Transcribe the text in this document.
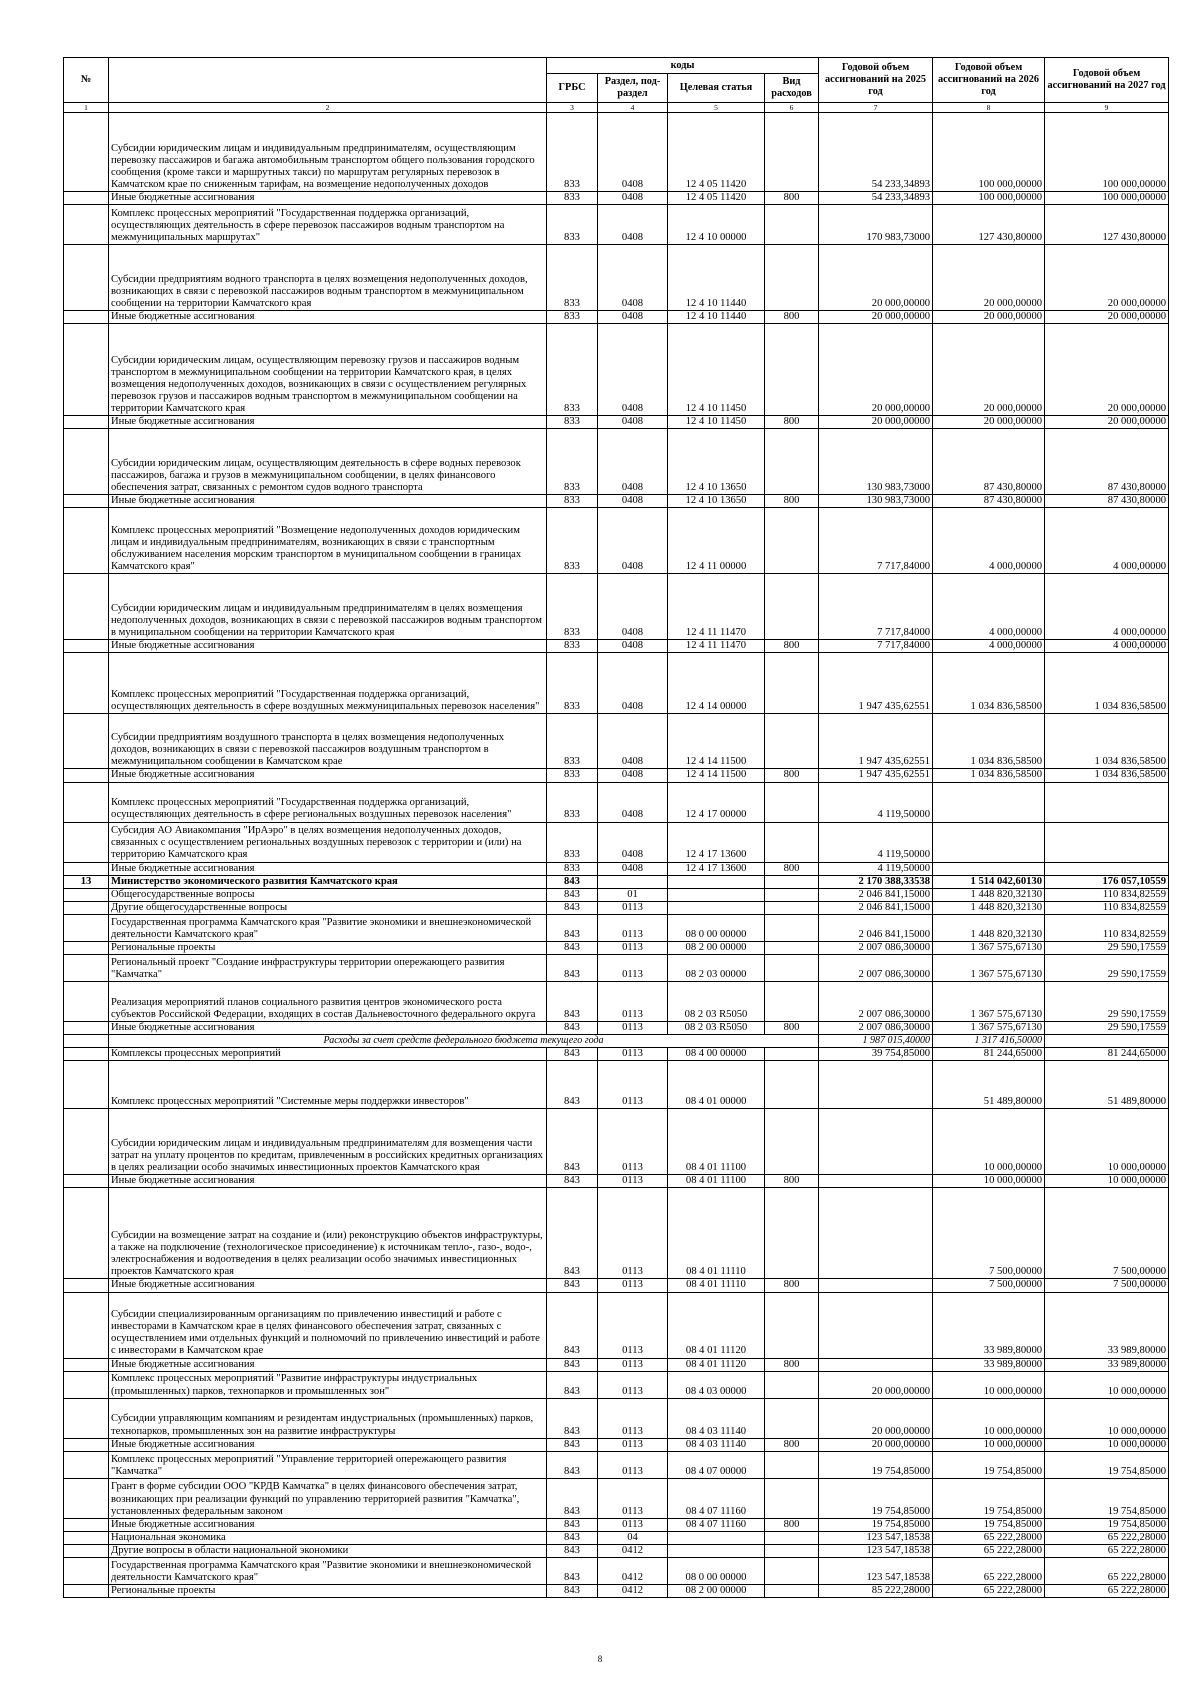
№		коды				Годовой объем ассигнований на 2025 год	Годовой объем ассигнований на 2026 год	Годовой объем ассигнований на 2027 год
		ГРБС	Раздел, под-раздел	Целевая статья	Вид расходов			
1	2	3	4	5	6	7	8	9
	Субсидии юридическим лицам и индивидуальным предпринимателям, осуществляющим перевозку пассажиров и багажа автомобильным транспортом общего пользования городского сообщения (кроме такси и маршрутных такси) по маршрутам регулярных перевозок в Камчатском крае по сниженным тарифам, на возмещение недополученных доходов	833	0408	12 4 05 11420		54 233,34893	100 000,00000	100 000,00000
	Иные бюджетные ассигнования	833	0408	12 4 05 11420	800	54 233,34893	100 000,00000	100 000,00000
	Комплекс процессных мероприятий "Государственная поддержка организаций, осуществляющих деятельность в сфере перевозок пассажиров водным транспортом на межмуниципальных маршрутах"	833	0408	12 4 10 00000		170 983,73000	127 430,80000	127 430,80000
	Субсидии предприятиям водного транспорта в целях возмещения недополученных доходов, возникающих в связи с перевозкой пассажиров водным транспортом в межмуниципальном сообщении на территории Камчатского края	833	0408	12 4 10 11440		20 000,00000	20 000,00000	20 000,00000
	Иные бюджетные ассигнования	833	0408	12 4 10 11440	800	20 000,00000	20 000,00000	20 000,00000
	Субсидии юридическим лицам, осуществляющим перевозку грузов и пассажиров водным транспортом в межмуниципальном сообщении на территории Камчатского края, в целях возмещения недополученных доходов, возникающих в связи с осуществлением регулярных перевозок грузов и пассажиров водным транспортом в межмуниципальном сообщении на территории Камчатского края	833	0408	12 4 10 11450		20 000,00000	20 000,00000	20 000,00000
	Иные бюджетные ассигнования	833	0408	12 4 10 11450	800	20 000,00000	20 000,00000	20 000,00000
	Субсидии юридическим лицам, осуществляющим деятельность в сфере водных перевозок пассажиров, багажа и грузов в межмуниципальном сообщении, в целях финансового обеспечения затрат, связанных с ремонтом судов водного транспорта	833	0408	12 4 10 13650		130 983,73000	87 430,80000	87 430,80000
	Иные бюджетные ассигнования	833	0408	12 4 10 13650	800	130 983,73000	87 430,80000	87 430,80000
	Комплекс процессных мероприятий "Возмещение недополученных доходов юридическим лицам и индивидуальным предпринимателям, возникающих в связи с транспортным обслуживанием населения морским транспортом в муниципальном сообщении в границах Камчатского края"	833	0408	12 4 11 00000		7 717,84000	4 000,00000	4 000,00000
	Субсидии юридическим лицам и индивидуальным предпринимателям в целях возмещения недополученных доходов, возникающих в связи с перевозкой пассажиров водным транспортом в муниципальном сообщении на территории Камчатского края	833	0408	12 4 11 11470		7 717,84000	4 000,00000	4 000,00000
	Иные бюджетные ассигнования	833	0408	12 4 11 11470	800	7 717,84000	4 000,00000	4 000,00000
	Комплекс процессных мероприятий "Государственная поддержка организаций, осуществляющих деятельность в сфере воздушных межмуниципальных перевозок населения"	833	0408	12 4 14 00000		1 947 435,62551	1 034 836,58500	1 034 836,58500
	Субсидии предприятиям воздушного транспорта в целях возмещения недополученных доходов, возникающих в связи с перевозкой пассажиров воздушным транспортом в межмуниципальном сообщении в Камчатском крае	833	0408	12 4 14 11500		1 947 435,62551	1 034 836,58500	1 034 836,58500
	Иные бюджетные ассигнования	833	0408	12 4 14 11500	800	1 947 435,62551	1 034 836,58500	1 034 836,58500
	Комплекс процессных мероприятий "Государственная поддержка организаций, осуществляющих деятельность в сфере региональных воздушных перевозок населения"	833	0408	12 4 17 00000		4 119,50000		
	Субсидия АО Авиакомпания "ИрАэро" в целях возмещения недополученных доходов, связанных с осуществлением региональных воздушных перевозок с территории и (или) на территорию Камчатского края	833	0408	12 4 17 13600		4 119,50000		
	Иные бюджетные ассигнования	833	0408	12 4 17 13600	800	4 119,50000		
13	Министерство экономического развития Камчатского края	843				2 170 388,33538	1 514 042,60130	176 057,10559
	Общегосударственные вопросы	843	01			2 046 841,15000	1 448 820,32130	110 834,82559
	Другие общегосударственные вопросы	843	0113			2 046 841,15000	1 448 820,32130	110 834,82559
	Государственная программа Камчатского края "Развитие экономики и внешнеэкономической деятельности Камчатского края"	843	0113	08 0 00 00000		2 046 841,15000	1 448 820,32130	110 834,82559
	Региональные проекты	843	0113	08 2 00 00000		2 007 086,30000	1 367 575,67130	29 590,17559
	Региональный проект "Создание инфраструктуры территории опережающего развития "Камчатка"	843	0113	08 2 03 00000		2 007 086,30000	1 367 575,67130	29 590,17559
	Реализация мероприятий планов социального развития центров экономического роста субъектов Российской Федерации, входящих в состав Дальневосточного федерального округа	843	0113	08 2 03 R5050		2 007 086,30000	1 367 575,67130	29 590,17559
	Иные бюджетные ассигнования	843	0113	08 2 03 R5050	800	2 007 086,30000	1 367 575,67130	29 590,17559
	Расходы за счет средств федерального бюджета текущего года					1 987 015,40000	1 317 416,50000	
	Комплексы процессных мероприятий	843	0113	08 4 00 00000		39 754,85000	81 244,65000	81 244,65000
	Комплекс процессных мероприятий "Системные меры поддержки инвесторов"	843	0113	08 4 01 00000			51 489,80000	51 489,80000
	Субсидии юридическим лицам и индивидуальным предпринимателям для возмещения части затрат на уплату процентов по кредитам, привлеченным в российских кредитных организациях в целях реализации особо значимых инвестиционных проектов Камчатского края	843	0113	08 4 01 11100			10 000,00000	10 000,00000
	Иные бюджетные ассигнования	843	0113	08 4 01 11100	800		10 000,00000	10 000,00000
	Субсидии на возмещение затрат на создание и (или) реконструкцию объектов инфраструктуры, а также на подключение (технологическое присоединение) к источникам тепло-, газо-, водо-, электроснабжения и водоотведения в целях реализации особо значимых инвестиционных проектов Камчатского края	843	0113	08 4 01 11110			7 500,00000	7 500,00000
	Иные бюджетные ассигнования	843	0113	08 4 01 11110	800		7 500,00000	7 500,00000
	Субсидии специализированным организациям по привлечению инвестиций и работе с инвесторами в Камчатском крае в целях финансового обеспечения затрат, связанных с осуществлением ими отдельных функций и полномочий по привлечению инвестиций и работе с инвесторами в Камчатском крае	843	0113	08 4 01 11120			33 989,80000	33 989,80000
	Иные бюджетные ассигнования	843	0113	08 4 01 11120	800		33 989,80000	33 989,80000
	Комплекс процессных мероприятий "Развитие инфраструктуры индустриальных (промышленных) парков, технопарков и промышленных зон"	843	0113	08 4 03 00000		20 000,00000	10 000,00000	10 000,00000
	Субсидии управляющим компаниям и резидентам индустриальных (промышленных) парков, технопарков, промышленных зон на развитие инфраструктуры	843	0113	08 4 03 11140		20 000,00000	10 000,00000	10 000,00000
	Иные бюджетные ассигнования	843	0113	08 4 03 11140	800	20 000,00000	10 000,00000	10 000,00000
	Комплекс процессных мероприятий "Управление территорией опережающего развития "Камчатка"	843	0113	08 4 07 00000		19 754,85000	19 754,85000	19 754,85000
	Грант в форме субсидии ООО "КРДВ Камчатка" в целях финансового обеспечения затрат, возникающих при реализации функций по управлению территорией развития "Камчатка", установленных федеральным законом	843	0113	08 4 07 11160		19 754,85000	19 754,85000	19 754,85000
	Иные бюджетные ассигнования	843	0113	08 4 07 11160	800	19 754,85000	19 754,85000	19 754,85000
	Национальная экономика	843	04			123 547,18538	65 222,28000	65 222,28000
	Другие вопросы в области национальной экономики	843	0412			123 547,18538	65 222,28000	65 222,28000
	Государственная программа Камчатского края "Развитие экономики и внешнеэкономической деятельности Камчатского края"	843	0412	08 0 00 00000		123 547,18538	65 222,28000	65 222,28000
	Региональные проекты	843	0412	08 2 00 00000		85 222,28000	65 222,28000	65 222,28000
8
